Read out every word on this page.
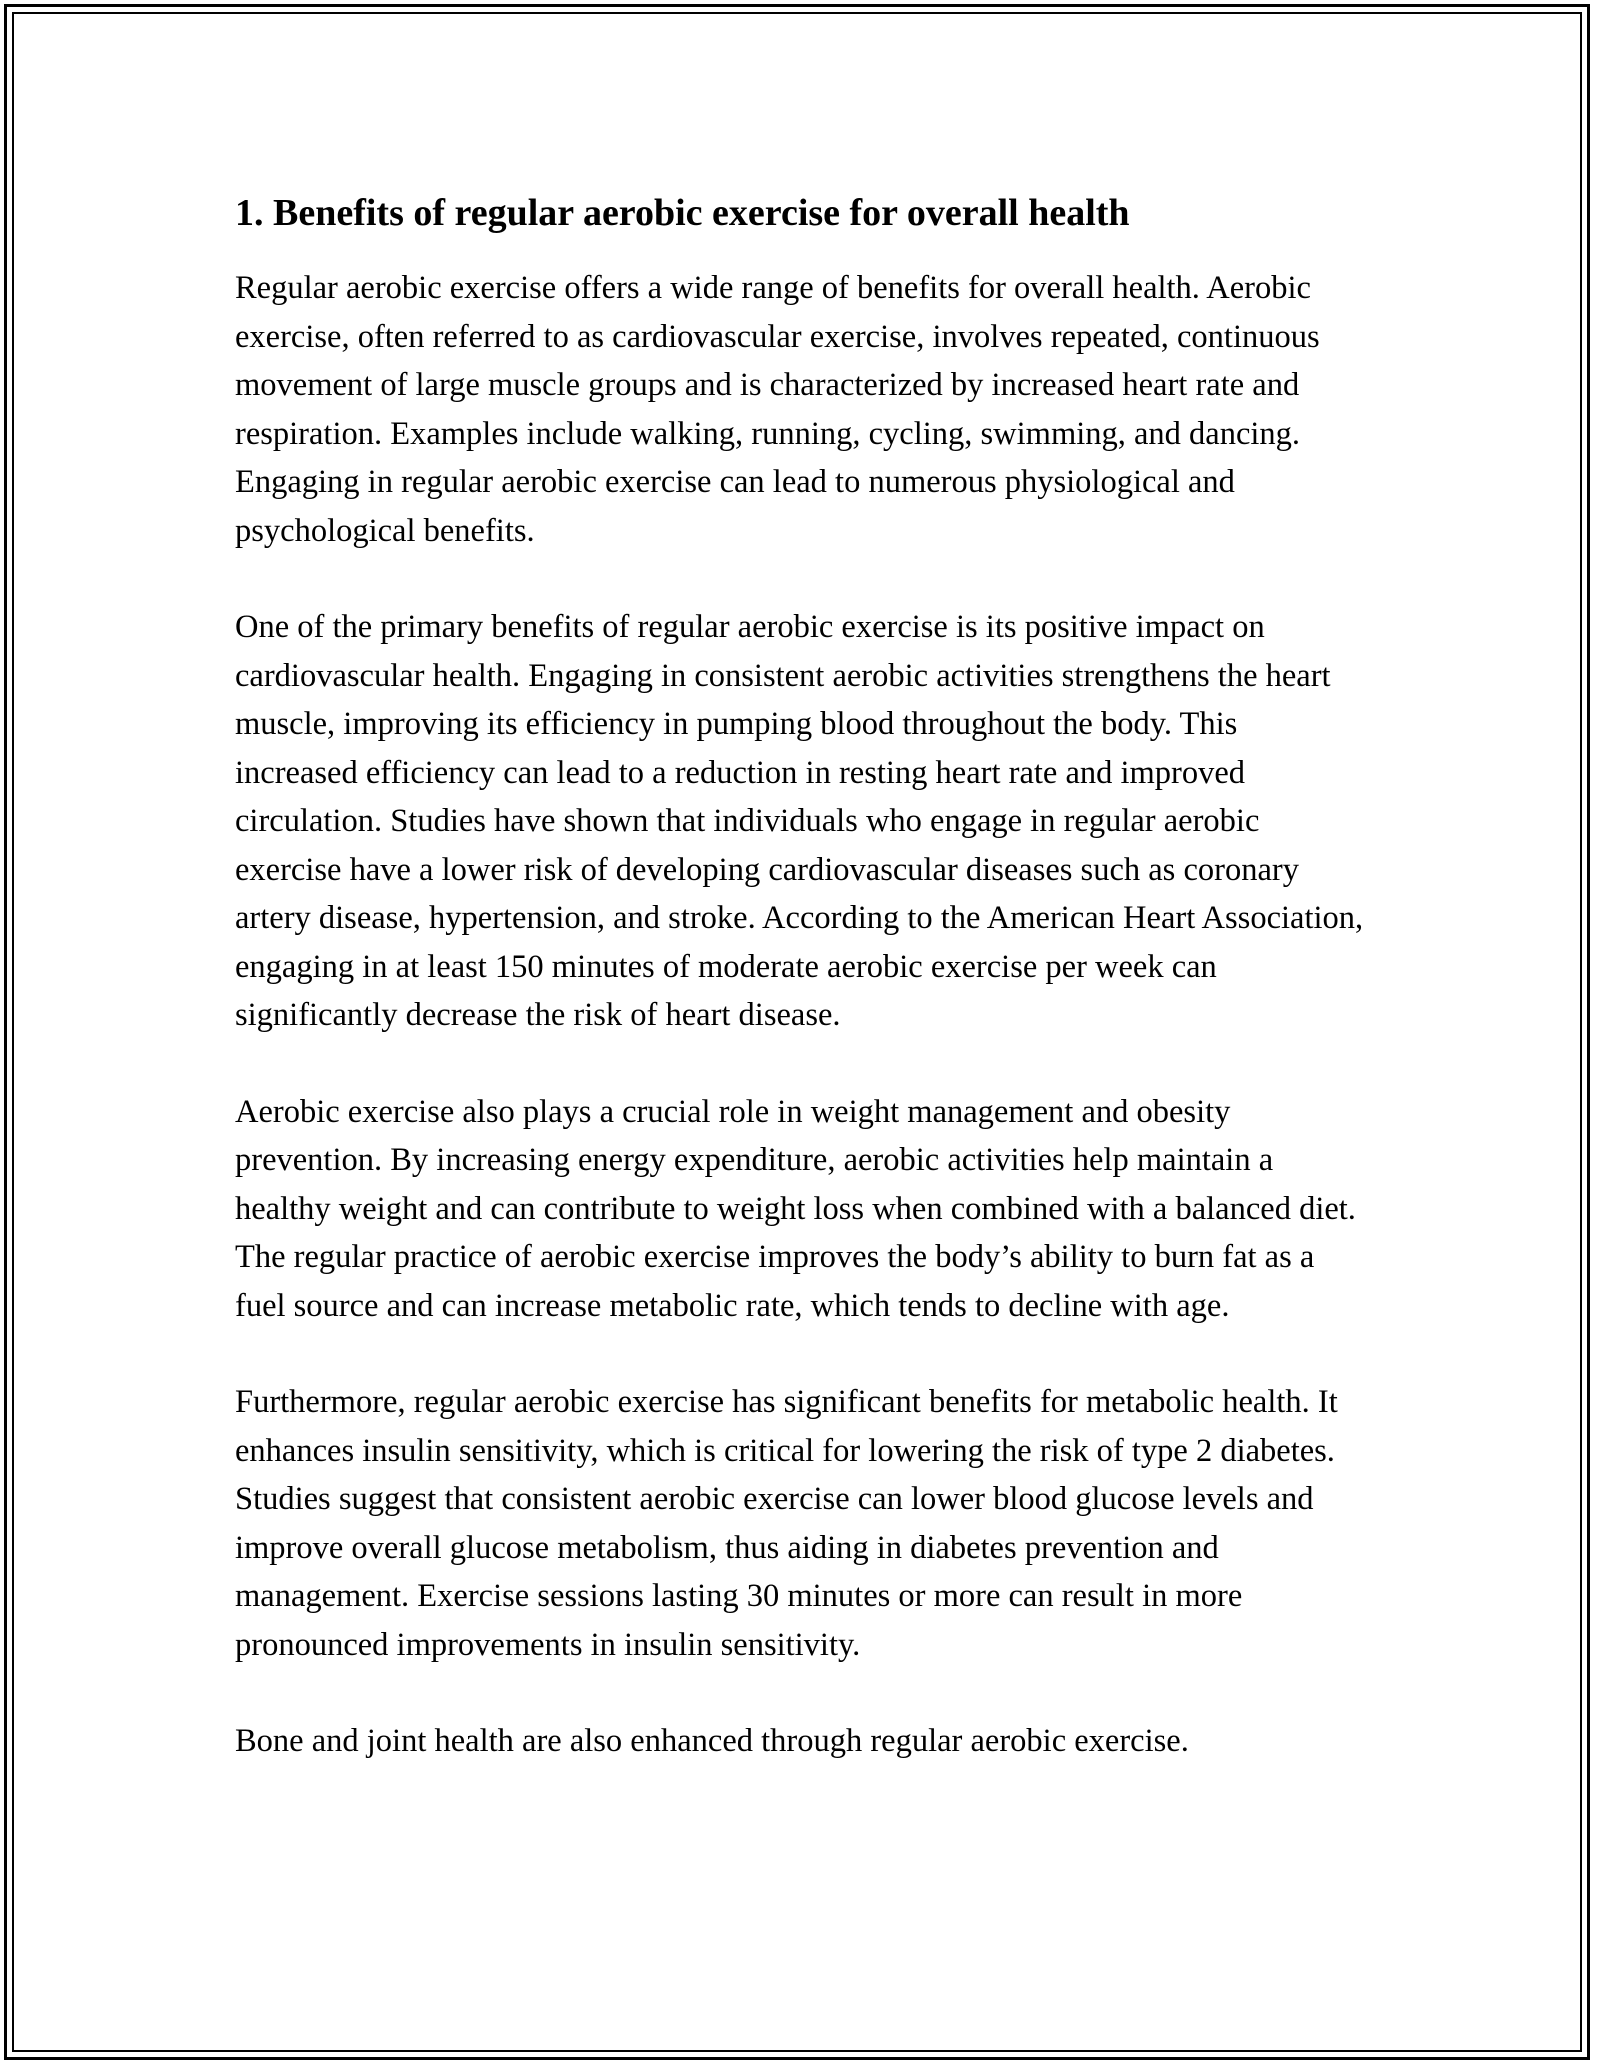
1. Benefits of regular aerobic exercise for overall health

Regular aerobic exercise offers a wide range of benefits for overall health. Aerobic exercise, often referred to as cardiovascular exercise, involves repeated, continuous movement of large muscle groups and is characterized by increased heart rate and respiration. Examples include walking, running, cycling, swimming, and dancing. Engaging in regular aerobic exercise can lead to numerous physiological and psychological benefits.

One of the primary benefits of regular aerobic exercise is its positive impact on cardiovascular health. Engaging in consistent aerobic activities strengthens the heart muscle, improving its efficiency in pumping blood throughout the body. This increased efficiency can lead to a reduction in resting heart rate and improved circulation. Studies have shown that individuals who engage in regular aerobic exercise have a lower risk of developing cardiovascular diseases such as coronary artery disease, hypertension, and stroke. According to the American Heart Association, engaging in at least 150 minutes of moderate aerobic exercise per week can significantly decrease the risk of heart disease.

Aerobic exercise also plays a crucial role in weight management and obesity prevention. By increasing energy expenditure, aerobic activities help maintain a healthy weight and can contribute to weight loss when combined with a balanced diet. The regular practice of aerobic exercise improves the body’s ability to burn fat as a fuel source and can increase metabolic rate, which tends to decline with age.

Furthermore, regular aerobic exercise has significant benefits for metabolic health. It enhances insulin sensitivity, which is critical for lowering the risk of type 2 diabetes. Studies suggest that consistent aerobic exercise can lower blood glucose levels and improve overall glucose metabolism, thus aiding in diabetes prevention and management. Exercise sessions lasting 30 minutes or more can result in more pronounced improvements in insulin sensitivity.

Bone and joint health are also enhanced through regular aerobic exercise.
